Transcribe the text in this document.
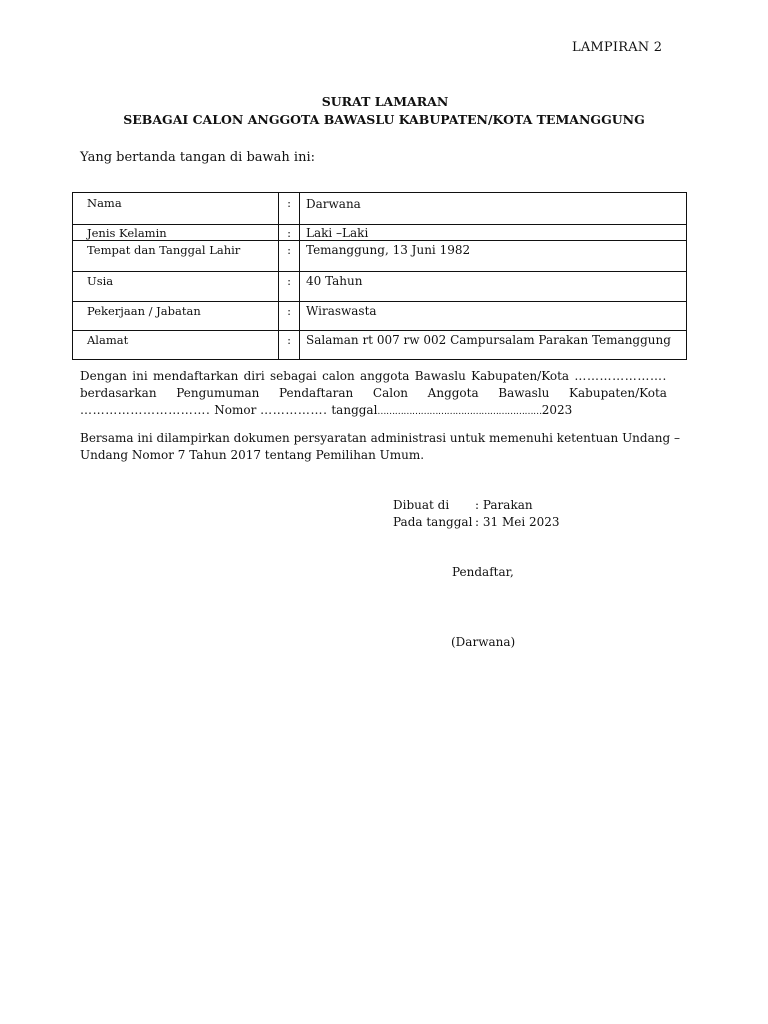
LAMPIRAN 2
SURAT LAMARAN
SEBAGAI CALON ANGGOTA BAWASLU KABUPATEN/KOTA TEMANGGUNG
Yang bertanda tangan di bawah ini:
Nama	:	Darwana
Jenis Kelamin	:	Laki –Laki
Tempat dan Tanggal Lahir	:	Temanggung, 13 Juni 1982
Usia	:	40 Tahun
Pekerjaan / Jabatan	:	Wiraswasta
Alamat	:	Salaman rt 007 rw 002 Campursalam Parakan Temanggung
Dengan ini mendaftarkan diri sebagai calon anggota Bawaslu Kabupaten/Kota ………………….
berdasarkan Pengumuman Pendaftaran Calon Anggota Bawaslu Kabupaten/Kota
…………………………. Nomor ……………. tanggal…………………………………………………2023
Bersama ini dilampirkan dokumen persyaratan administrasi untuk memenuhi ketentuan Undang –
Undang Nomor 7 Tahun 2017 tentang Pemilihan Umum.
Dibuat di	: Parakan
Pada tanggal : 31 Mei 2023
Pendaftar,
(Darwana)
